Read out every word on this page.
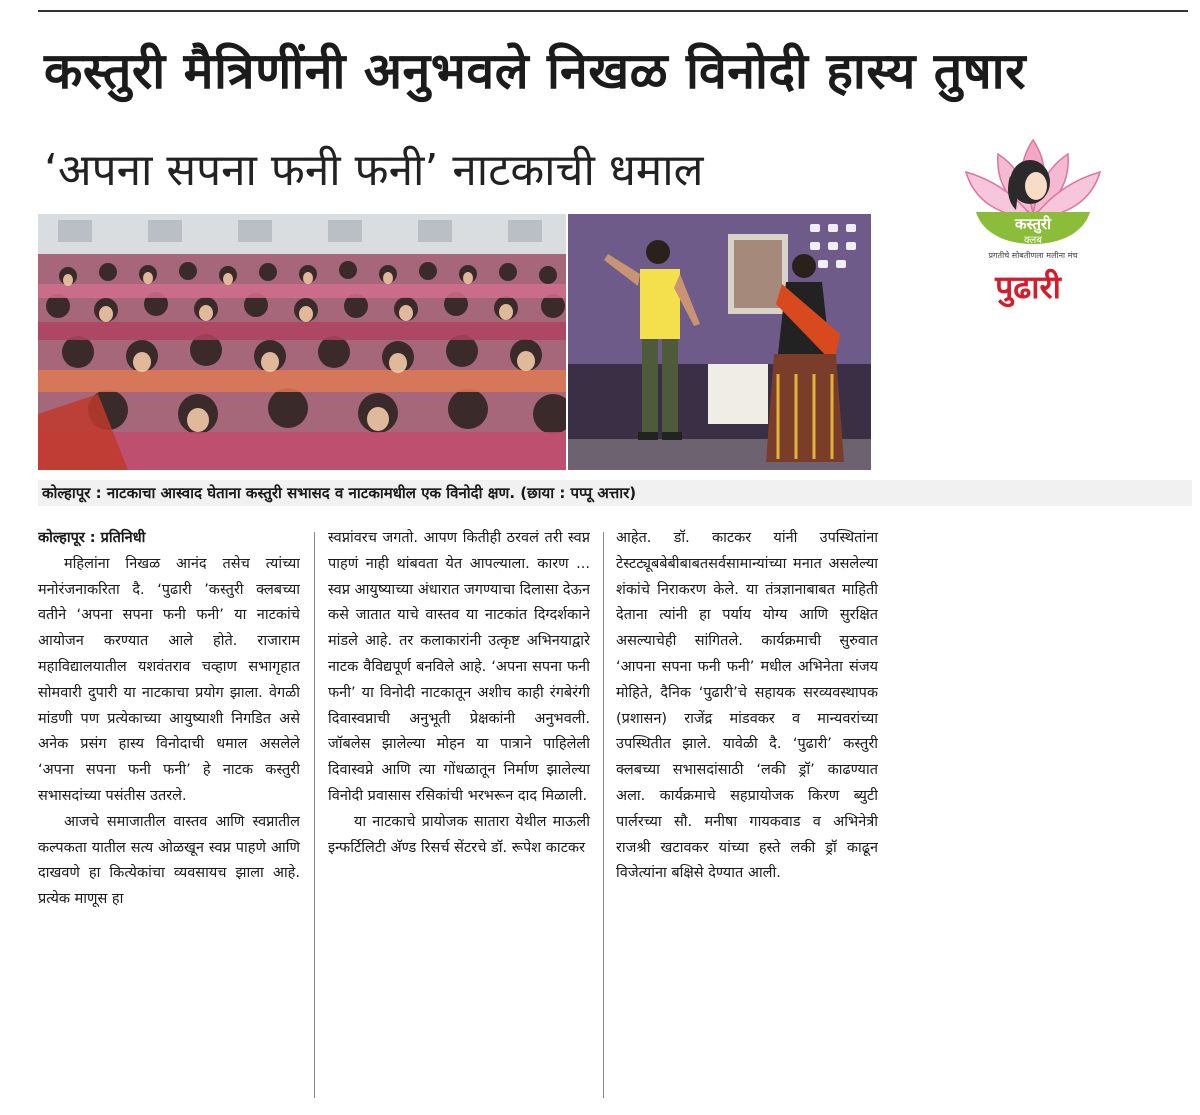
कस्तुरी मैत्रिणींनी अनुभवले निखळ विनोदी हास्य तुषार
‘अपना सपना फनी फनी’ नाटकाची धमाल
कस्तुरी
क्लब
प्रगतीचे सोबतीणला मलीना मंच
पुढारी
कोल्हापूर : नाटकाचा आस्वाद घेताना कस्तुरी सभासद व नाटकामधील एक विनोदी क्षण. (छाया : पप्पू अत्तार)

कोल्हापूर : प्रतिनिधी

महिलांना निखळ आनंद तसेच त्यांच्या मनोरंजनाकरिता दै. ‘पुढारी ’कस्तुरी क्लबच्या वतीने ‘अपना सपना फनी फनी’ या नाटकांचे आयोजन करण्यात आले होते. राजाराम महाविद्यालयातील यशवंतराव चव्हाण सभागृहात सोमवारी दुपारी या नाटकाचा प्रयोग झाला. वेगळी मांडणी पण प्रत्येकाच्या आयुष्याशी निगडित असे अनेक प्रसंग हास्य विनोदाची धमाल असलेले ‘अपना सपना फनी फनी’ हे नाटक कस्तुरी सभासदांच्या पसंतीस उतरले.

आजचे समाजातील वास्तव आणि स्वप्नातील कल्पकता यातील सत्य ओळखून स्वप्न पाहणे आणि दाखवणे हा कित्येकांचा व्यवसायच झाला आहे. प्रत्येक माणूस हा

स्वप्नांवरच जगतो. आपण कितीही ठरवलं तरी स्वप्न पाहणं नाही थांबवता येत आपल्याला. कारण ... स्वप्न आयुष्याच्या अंधारात जगण्याचा दिलासा देऊन कसे जातात याचे वास्तव या नाटकांत दिग्दर्शकाने मांडले आहे. तर कलाकारांनी उत्कृष्ट अभिनयाद्वारे नाटक वैविद्यपूर्ण बनविले आहे. ‘अपना सपना फनी फनी’ या विनोदी नाटकातून अशीच काही रंगबेरंगी दिवास्वप्नाची अनुभूती प्रेक्षकांनी अनुभवली. जॉबलेस झालेल्या मोहन या पात्राने पाहिलेली दिवास्वप्ने आणि त्या गोंधळातून निर्माण झालेल्या विनोदी प्रवासास रसिकांची भरभरून दाद मिळाली.

या नाटकाचे प्रायोजक सातारा येथील माऊली इन्फर्टिलिटी अ‍ॅण्ड रिसर्च सेंटरचे डॉ. रूपेश काटकर

आहेत. डॉ. काटकर यांनी उपस्थितांना टेस्टट्यूबबेबीबाबतसर्वसामान्यांच्या मनात असलेल्या शंकांचे निराकरण केले. या तंत्रज्ञानाबाबत माहिती देताना त्यांनी हा पर्याय योग्य आणि सुरक्षित असल्याचेही सांगितले. कार्यक्रमाची सुरुवात ‘आपना सपना फनी फनी’ मधील अभिनेता संजय मोहिते, दैनिक ‘पुढारी’चे सहायक सरव्यवस्थापक (प्रशासन) राजेंद्र मांडवकर व मान्यवरांच्या उपस्थितीत झाले. यावेळी दै. ‘पुढारी’ कस्तुरी क्लबच्या सभासदांसाठी ‘लकी ड्रॉ’ काढण्यात अला. कार्यक्रमाचे सहप्रायोजक किरण ब्युटी पार्लरच्या सौ. मनीषा गायकवाड व अभिनेत्री राजश्री खटावकर यांच्या हस्ते लकी ड्रॉ काढून विजेत्यांना बक्षिसे देण्यात आली.
